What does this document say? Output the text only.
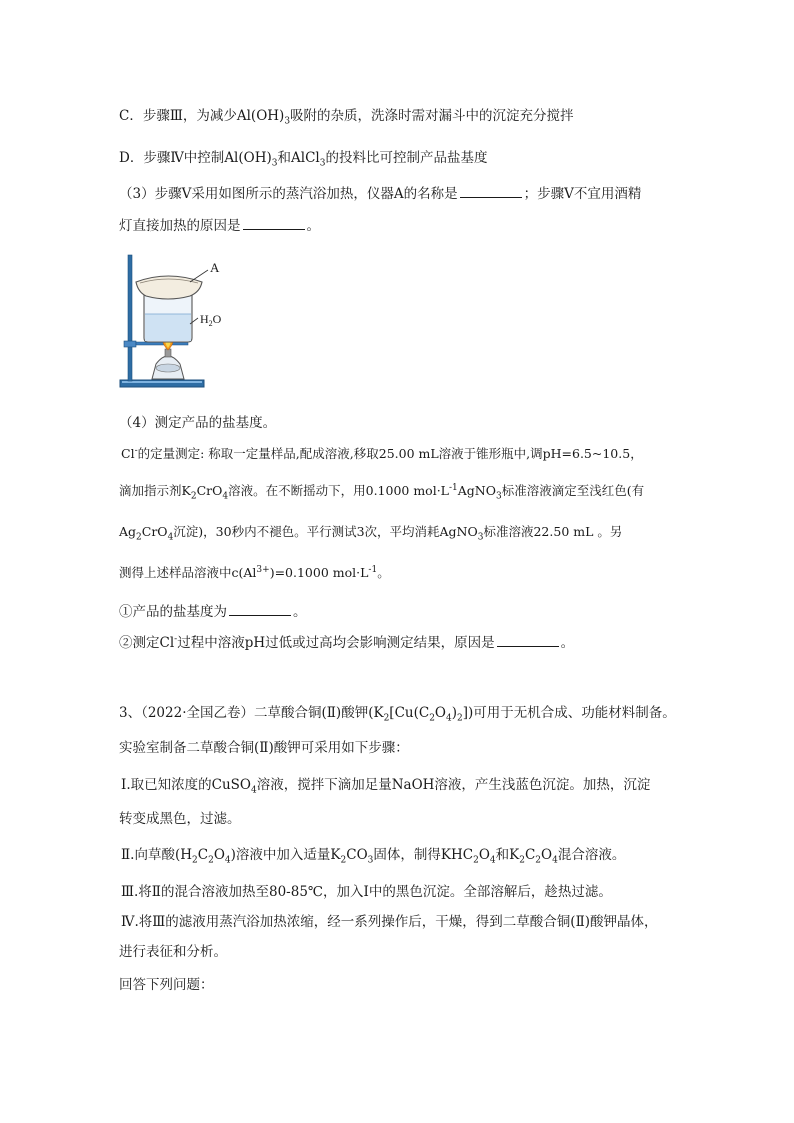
C．步骤Ⅲ，为减少$Al(OH)_3$吸附的杂质，洗涤时需对漏斗中的沉淀充分搅拌
D．步骤Ⅳ中控制$Al(OH)_3$和AlCl$_3$的投料比可控制产品盐基度
（3）步骤Ⅴ采用如图所示的蒸汽浴加热，仪器A的名称是	；步骤Ⅴ不宜用酒精
灯直接加热的原因是	。
A
$H_2O$
（4）测定产品的盐基度。
Cl-的定量测定: 称取一定量样品,配成溶液,移取25.00 mL溶液于锥形瓶中,调pH=6.5~10.5，
滴加指示剂$K_2CrO_4$溶液。在不断摇动下，用0.1000 $mol\cdot L^{-1}AgNO_3$标准溶液滴定至浅红色(有
$Ag_2CrO_4$沉淀)，30秒内不褪色。平行测试3次，平均消耗AgNO$_3$标准溶液22.50 mL 。另
测得上述样品溶液中$c(Al^{3+})=0.1000$ $mol\cdot L^{-1}$。
①产品的盐基度为	。
②测定Cl-过程中溶液pH过低或过高均会影响测定结果，原因是	。
3、（2022·全国乙卷）二草酸合铜(Ⅱ)酸钾$(K_2[Cu(C_2O_4)_2])$可用于无机合成、功能材料制备。
实验室制备二草酸合铜(Ⅱ)酸钾可采用如下步骤：
Ⅰ.取已知浓度的CuSO$_4$溶液，搅拌下滴加足量NaOH溶液，产生浅蓝色沉淀。加热，沉淀
转变成黑色，过滤。
Ⅱ.向草酸$(H_2C_2O_4)$溶液中加入适量$K_2CO_3$固体，制得$KHC_2O_4$和$K_2C_2O_4$混合溶液。
Ⅲ.将Ⅱ的混合溶液加热至80-85℃，加入Ⅰ中的黑色沉淀。全部溶解后，趁热过滤。
Ⅳ.将Ⅲ的滤液用蒸汽浴加热浓缩，经一系列操作后，干燥，得到二草酸合铜(Ⅱ)酸钾晶体，
进行表征和分析。
回答下列问题：
